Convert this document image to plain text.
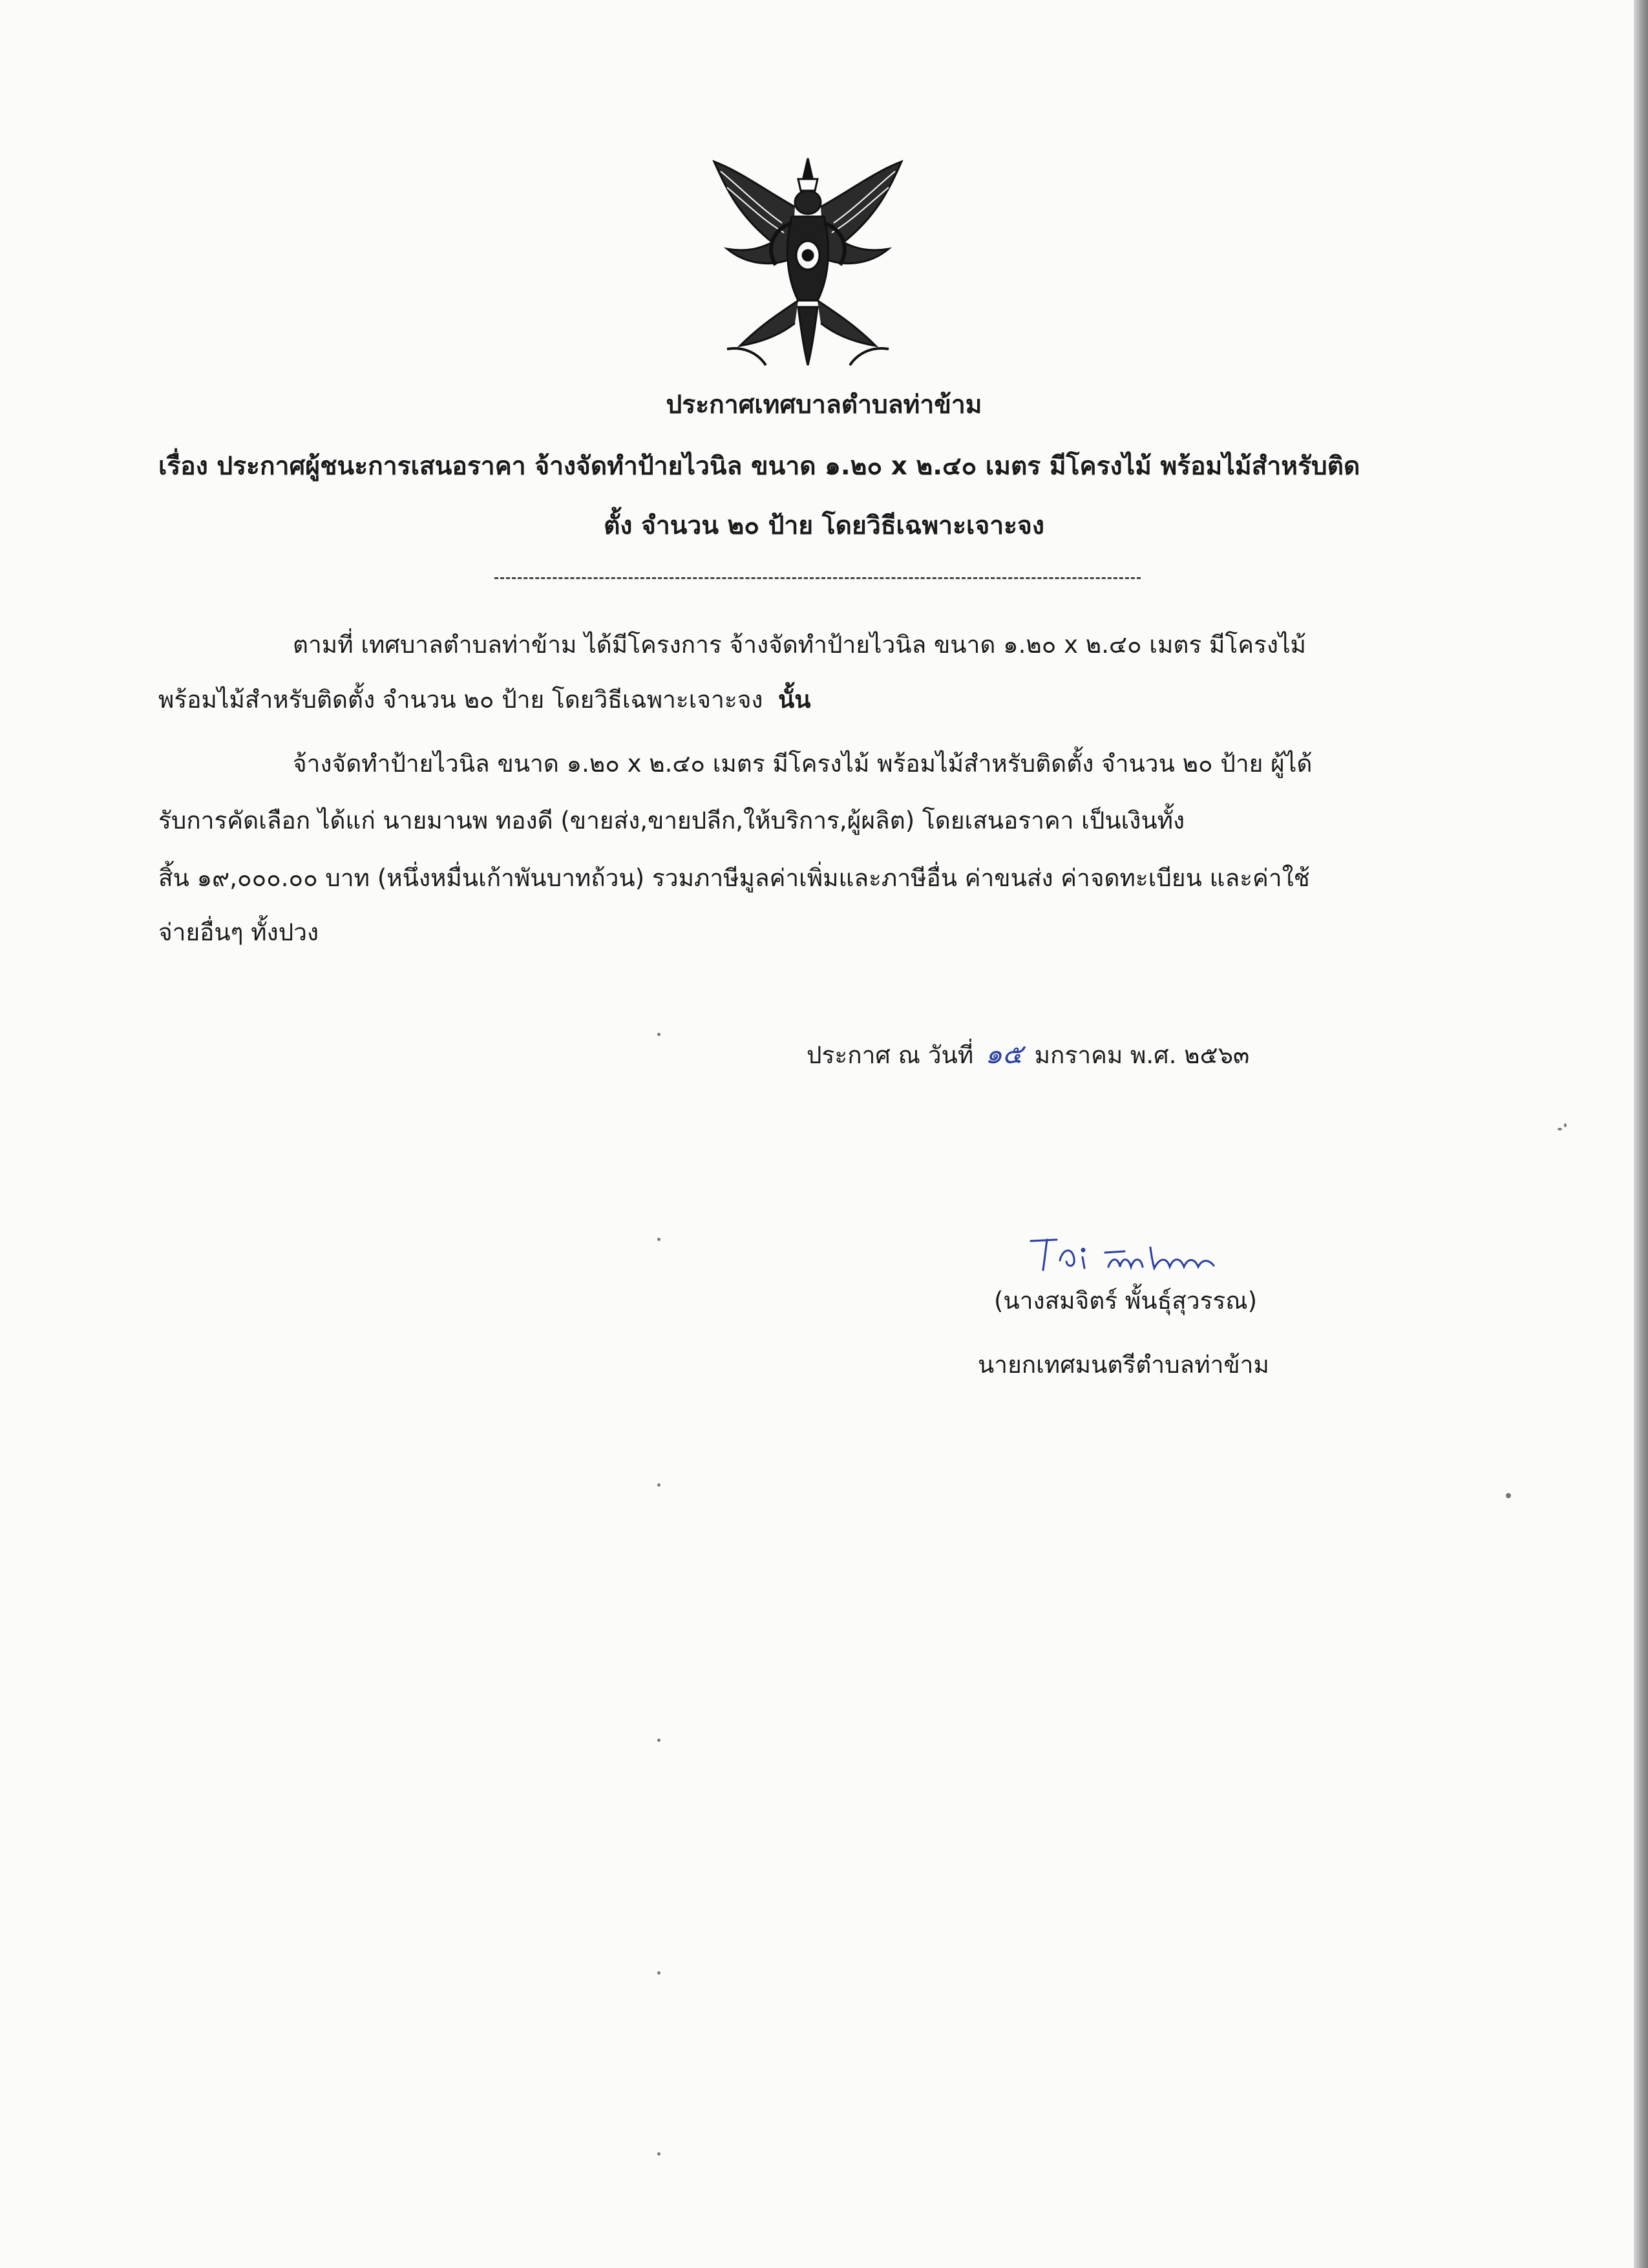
ประกาศเทศบาลตำบลท่าข้าม
เรื่อง ประกาศผู้ชนะการเสนอราคา จ้างจัดทำป้ายไวนิล ขนาด ๑.๒๐ x ๒.๔๐ เมตร มีโครงไม้ พร้อมไม้สำหรับติด
ตั้ง จำนวน ๒๐ ป้าย โดยวิธีเฉพาะเจาะจง
ตามที่ เทศบาลตำบลท่าข้าม ได้มีโครงการ จ้างจัดทำป้ายไวนิล ขนาด ๑.๒๐ x ๒.๔๐ เมตร มีโครงไม้
พร้อมไม้สำหรับติดตั้ง จำนวน ๒๐ ป้าย โดยวิธีเฉพาะเจาะจง นั้น
จ้างจัดทำป้ายไวนิล ขนาด ๑.๒๐ x ๒.๔๐ เมตร มีโครงไม้ พร้อมไม้สำหรับติดตั้ง จำนวน ๒๐ ป้าย ผู้ได้
รับการคัดเลือก ได้แก่ นายมานพ ทองดี (ขายส่ง,ขายปลีก,ให้บริการ,ผู้ผลิต) โดยเสนอราคา เป็นเงินทั้ง
สิ้น ๑๙,๐๐๐.๐๐ บาท (หนึ่งหมื่นเก้าพันบาทถ้วน) รวมภาษีมูลค่าเพิ่มและภาษีอื่น ค่าขนส่ง ค่าจดทะเบียน และค่าใช้
จ่ายอื่นๆ ทั้งปวง
ประกาศ ณ วันที่ ๑๕ มกราคม พ.ศ. ๒๕๖๓
(นางสมจิตร์ พั้นธุ์สุวรรณ)
นายกเทศมนตรีตำบลท่าข้าม
